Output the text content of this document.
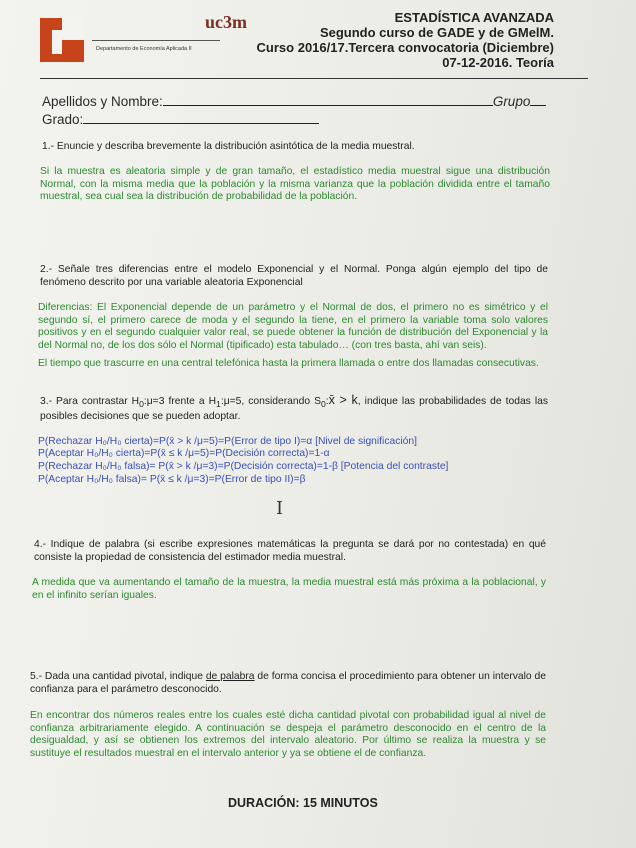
Departamento de Economía Aplicada II
uc3m	ESTADÍSTICA AVANZADA
Segundo curso de GADE y de GMelM.
Curso 2016/17.Tercera convocatoria (Diciembre)
07-12-2016. Teoría
Apellidos y Nombre:	Grupo
Grado:
1.- Enuncie y describa brevemente la distribución asintótica de la media muestral.
Si la muestra es aleatoria simple y de gran tamaño, el estadístico media muestral sigue una distribución Normal, con la misma media que la población y la misma varianza que la población dividida entre el tamaño muestral, sea cual sea la distribución de probabilidad de la población.
2.- Señale tres diferencias entre el modelo Exponencial y el Normal. Ponga algún ejemplo del tipo de fenómeno descrito por una variable aleatoria Exponencial
Diferencias: El Exponencial depende de un parámetro y el Normal de dos, el primero no es simétrico y el segundo sí, el primero carece de moda y el segundo la tiene, en el primero la variable toma solo valores positivos y en el segundo cualquier valor real, se puede obtener la función de distribución del Exponencial y la del Normal no, de los dos sólo el Normal (tipificado) esta tabulado… (con tres basta, ahí van seis).
El tiempo que trascurre en una central telefónica hasta la primera llamada o entre dos llamadas consecutivas.
3.- Para contrastar $H_0:\mu=3$ frente a $H_1:\mu=5$, considerando $S_0:x̄ > k$, indique las probabilidades de todas las posibles decisiones que se pueden adoptar.
P(Rechazar H₀/H₀ cierta)=P(x̄ > k /μ=5)=P(Error de tipo I)=α [Nivel de significación]
P(Aceptar H₀/H₀ cierta)=P(x̄ ≤ k /μ=5)=P(Decisión correcta)=1-α
P(Rechazar H₀/H₀ falsa)= P(x̄ > k /μ=3)=P(Decisión correcta)=1-β [Potencia del contraste]
P(Aceptar H₀/H₀ falsa)= P(x̄ ≤ k /μ=3)=P(Error de tipo II)=β
I
4.- Indique de palabra (si escribe expresiones matemáticas la pregunta se dará por no contestada) en qué consiste la propiedad de consistencia del estimador media muestral.
A medida que va aumentando el tamaño de la muestra, la media muestral está más próxima a la poblacional, y en el infinito serían iguales.
5.- Dada una cantidad pivotal, indique de palabra de forma concisa el procedimiento para obtener un intervalo de confianza para el parámetro desconocido.
En encontrar dos números reales entre los cuales esté dicha cantidad pivotal con probabilidad igual al nivel de confianza arbitrariamente elegido. A continuación se despeja el parámetro desconocido en el centro de la desigualdad, y así se obtienen los extremos del intervalo aleatorio. Por último se realiza la muestra y se sustituye el resultados muestral en el intervalo anterior y ya se obtiene el de confianza.
DURACIÓN: 15 MINUTOS
